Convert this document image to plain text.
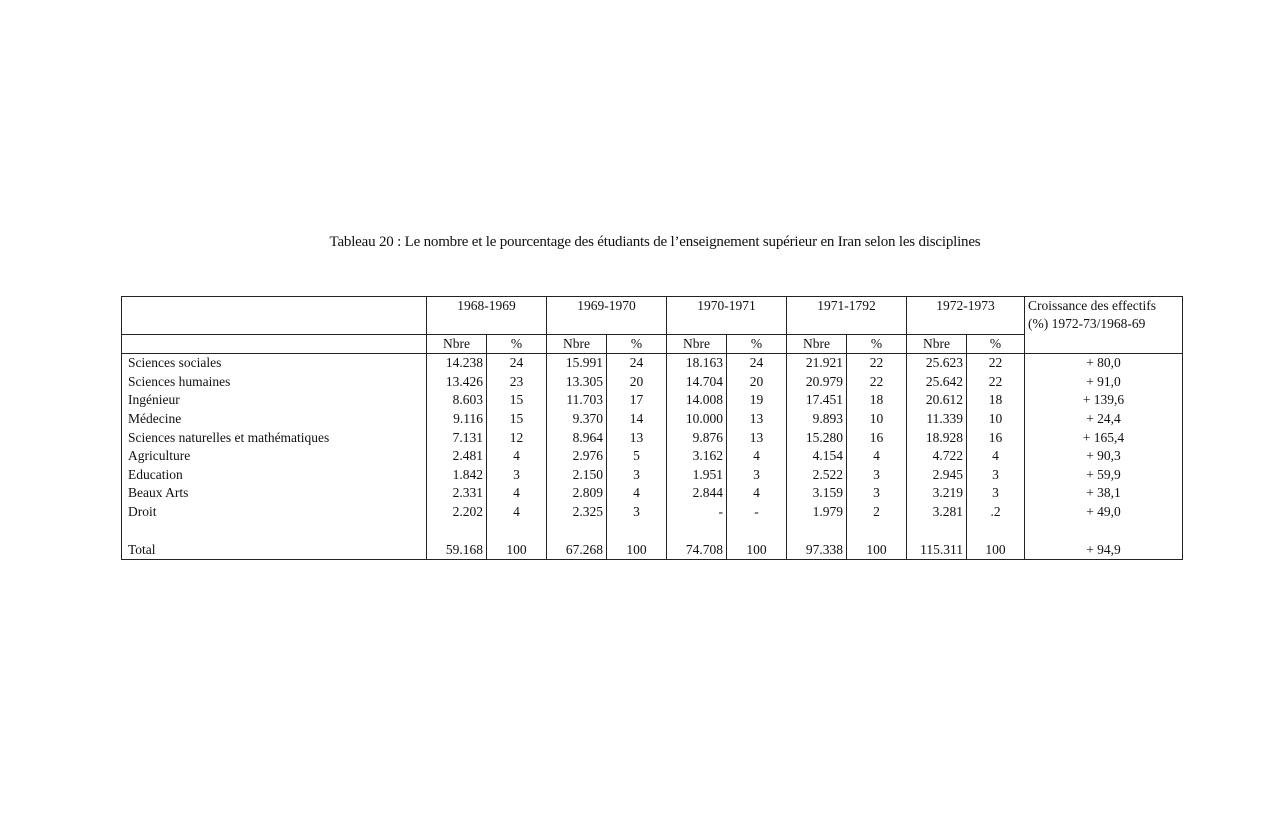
Tableau 20 : Le nombre et le pourcentage des étudiants de l’enseignement supérieur en Iran selon les disciplines
	1968-1969		1969-1970		1970-1971		1971-1792		1972-1973		Croissance des effectifs (%) 1972-73/1968-69
	Nbre	%	Nbre	%	Nbre	%	Nbre	%	Nbre	%	
Sciences sociales	14.238	24	15.991	24	18.163	24	21.921	22	25.623	22	+ 80,0
Sciences humaines	13.426	23	13.305	20	14.704	20	20.979	22	25.642	22	+ 91,0
Ingénieur	8.603	15	11.703	17	14.008	19	17.451	18	20.612	18	+ 139,6
Médecine	9.116	15	9.370	14	10.000	13	9.893	10	11.339	10	+ 24,4
Sciences naturelles et mathématiques	7.131	12	8.964	13	9.876	13	15.280	16	18.928	16	+ 165,4
Agriculture	2.481	4	2.976	5	3.162	4	4.154	4	4.722	4	+ 90,3
Education	1.842	3	2.150	3	1.951	3	2.522	3	2.945	3	+ 59,9
Beaux Arts	2.331	4	2.809	4	2.844	4	3.159	3	3.219	3	+ 38,1
Droit	2.202	4	2.325	3	-	-	1.979	2	3.281	.2	+ 49,0

Total	59.168	100	67.268	100	74.708	100	97.338	100	115.311	100	+ 94,9
